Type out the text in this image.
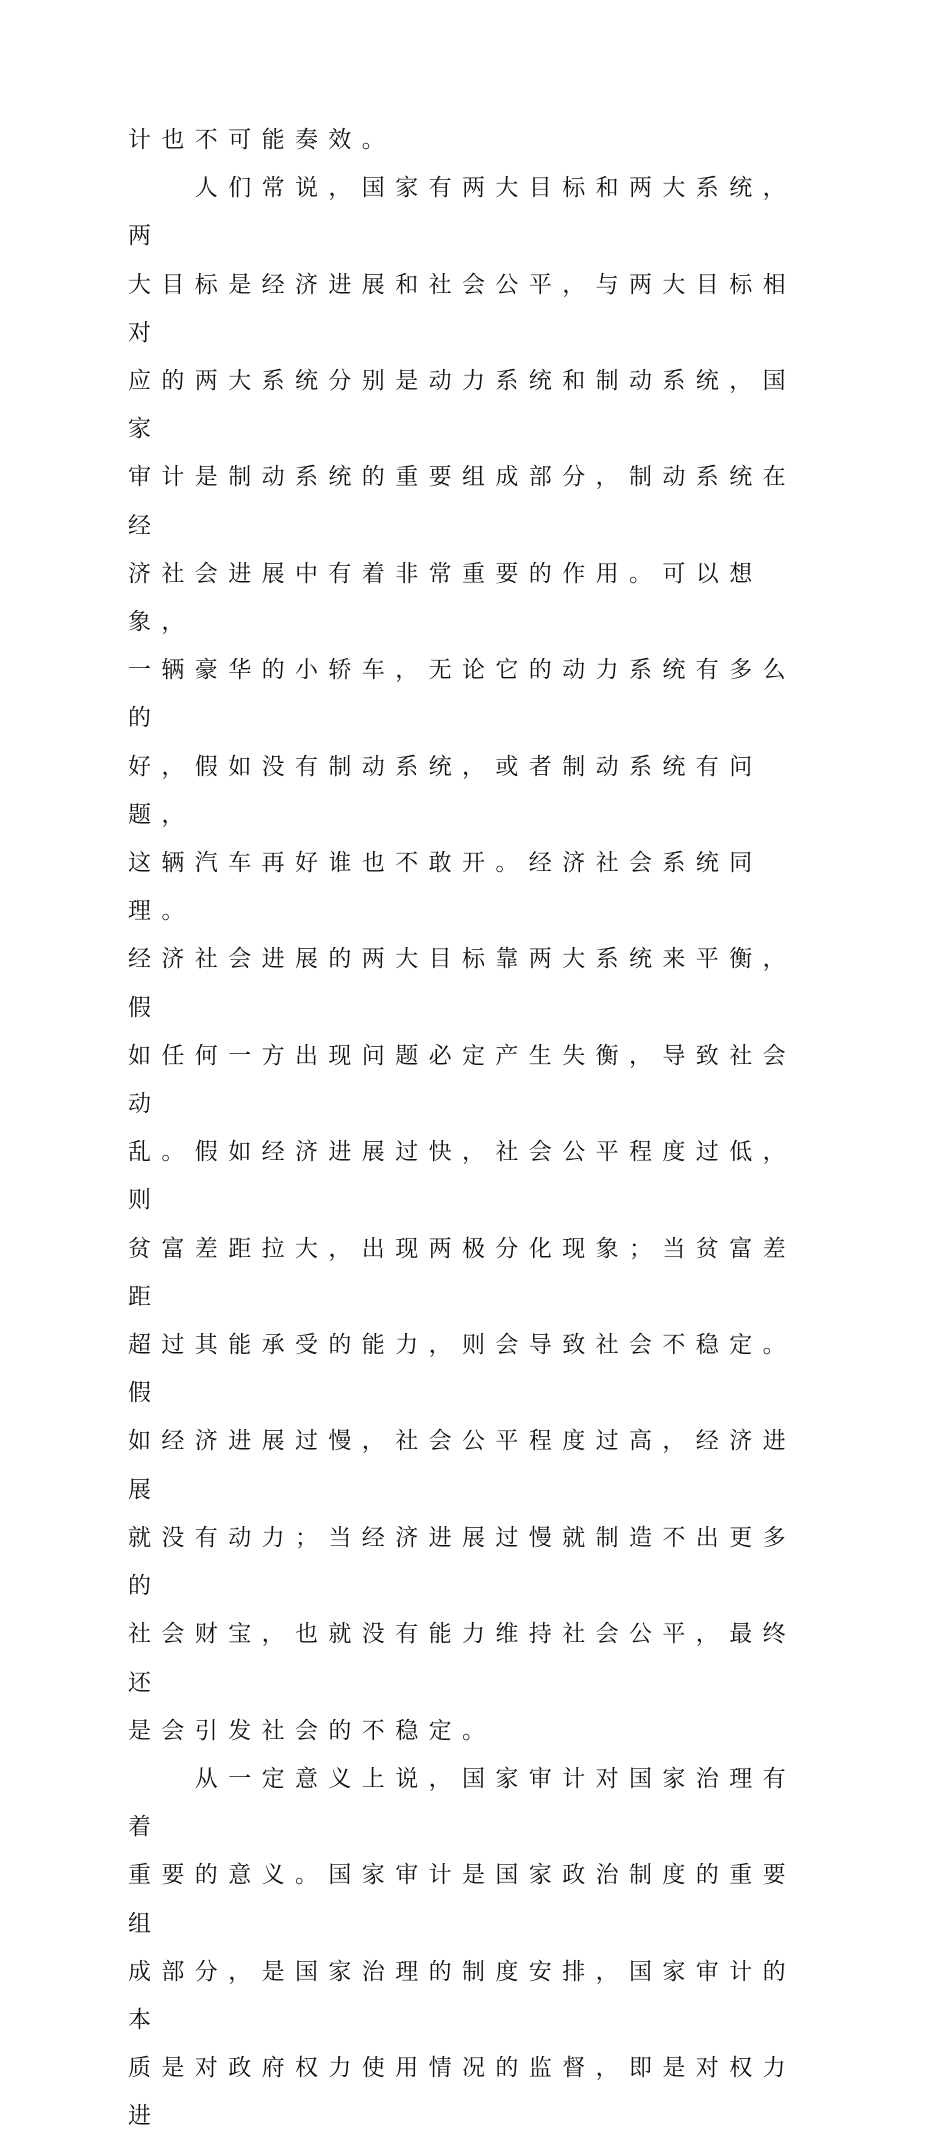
计也不可能奏效。
　　人们常说，国家有两大目标和两大系统，两
大目标是经济进展和社会公平，与两大目标相对
应的两大系统分别是动力系统和制动系统，国家
审计是制动系统的重要组成部分，制动系统在经
济社会进展中有着非常重要的作用。可以想象，
一辆豪华的小轿车，无论它的动力系统有多么的
好，假如没有制动系统，或者制动系统有问题，
这辆汽车再好谁也不敢开。经济社会系统同理。
经济社会进展的两大目标靠两大系统来平衡，假
如任何一方出现问题必定产生失衡，导致社会动
乱。假如经济进展过快，社会公平程度过低，则
贫富差距拉大，出现两极分化现象；当贫富差距
超过其能承受的能力，则会导致社会不稳定。假
如经济进展过慢，社会公平程度过高，经济进展
就没有动力；当经济进展过慢就制造不出更多的
社会财宝，也就没有能力维持社会公平，最终还
是会引发社会的不稳定。
　　从一定意义上说，国家审计对国家治理有着
重要的意义。国家审计是国家政治制度的重要组
成部分，是国家治理的制度安排，国家审计的本
质是对政府权力使用情况的监督，即是对权力进
